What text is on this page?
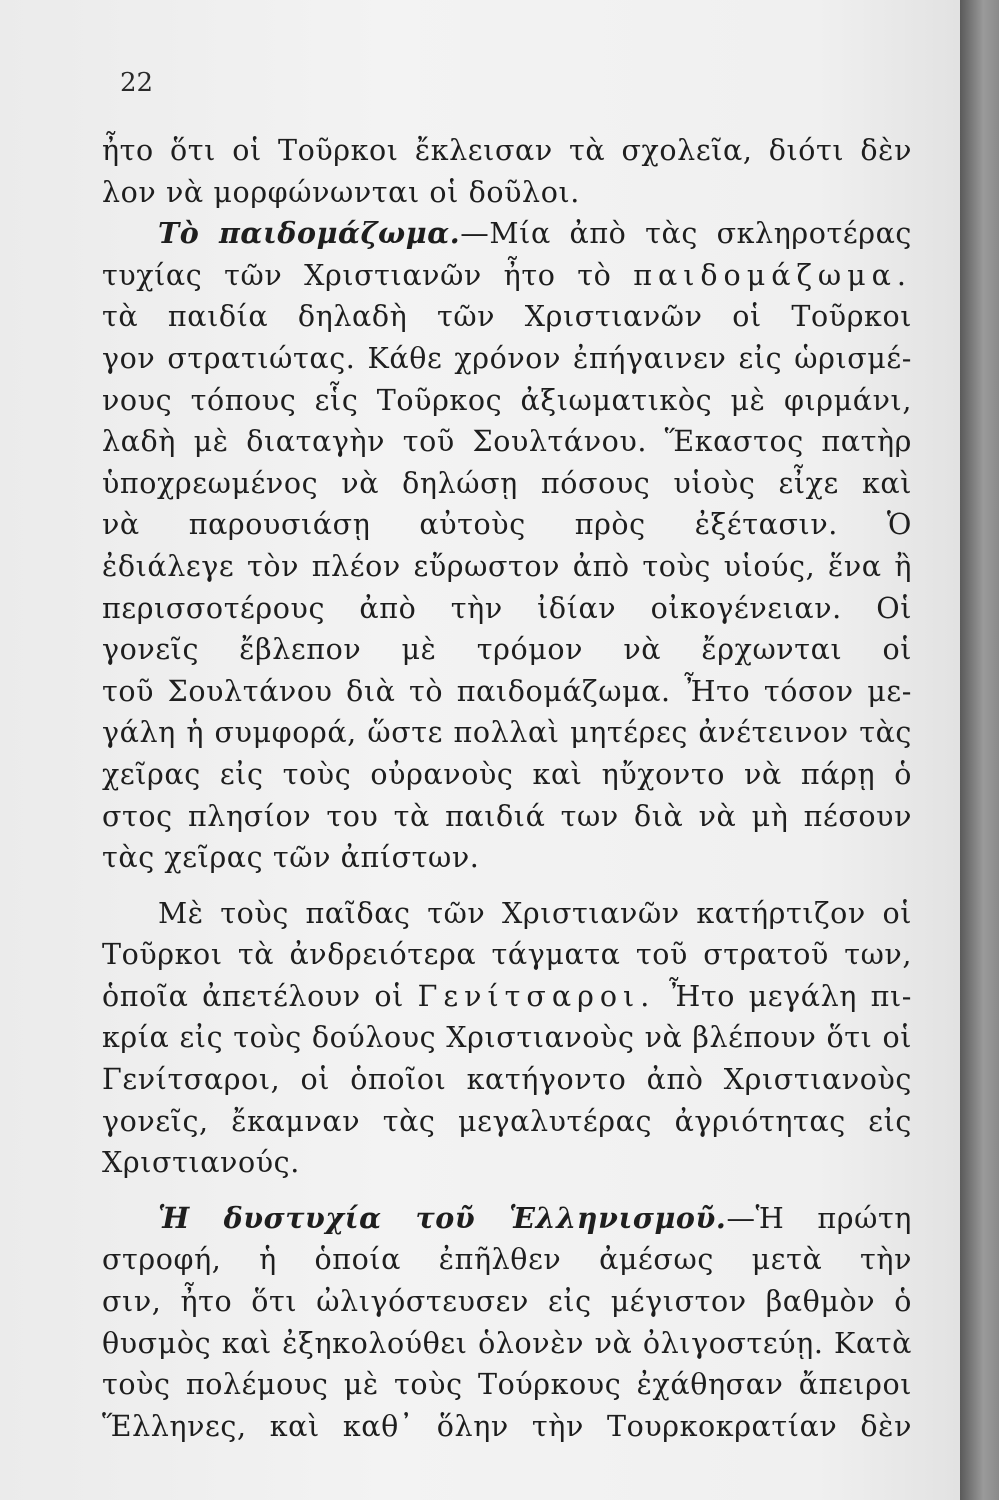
22
ἦτο ὅτι οἱ Τοῦρκοι ἔκλεισαν τὰ σχολεῖα, διότι δὲν
λον νὰ μορφώνωνται οἱ δοῦλοι.
Τὸ παιδομάζωμα.—Μία ἀπὸ τὰς σκληροτέρας
τυχίας τῶν Χριστιανῶν ἦτο τὸ παιδομάζωμα.
τὰ παιδία δηλαδὴ τῶν Χριστιανῶν οἱ Τοῦρκοι
γον στρατιώτας. Κάθε χρόνον ἐπήγαινεν εἰς ὡρισμέ-
νους τόπους εἷς Τοῦρκος ἀξιωματικὸς μὲ φιρμάνι,
λαδὴ μὲ διαταγὴν τοῦ Σουλτάνου. Ἕκαστος πατὴρ
ὑποχρεωμένος νὰ δηλώσῃ πόσους υἱοὺς εἶχε καὶ
νὰ παρουσιάσῃ αὐτοὺς πρὸς ἐξέτασιν. Ὁ
ἐδιάλεγε τὸν πλέον εὔρωστον ἀπὸ τοὺς υἱούς, ἕνα ἢ
περισσοτέρους ἀπὸ τὴν ἰδίαν οἰκογένειαν. Οἱ
γονεῖς ἔβλεπον μὲ τρόμον νὰ ἔρχωνται οἱ
τοῦ Σουλτάνου διὰ τὸ παιδομάζωμα. Ἦτο τόσον με-
γάλη ἡ συμφορά, ὥστε πολλαὶ μητέρες ἀνέτεινον τὰς
χεῖρας εἰς τοὺς οὐρανοὺς καὶ ηὔχοντο νὰ πάρῃ ὁ
στος πλησίον του τὰ παιδιά των διὰ νὰ μὴ πέσουν
τὰς χεῖρας τῶν ἀπίστων.
Μὲ τοὺς παῖδας τῶν Χριστιανῶν κατήρτιζον οἱ
Τοῦρκοι τὰ ἀνδρειότερα τάγματα τοῦ στρατοῦ των,
ὁποῖα ἀπετέλουν οἱ Γενίτσαροι. Ἦτο μεγάλη πι-
κρία εἰς τοὺς δούλους Χριστιανοὺς νὰ βλέπουν ὅτι οἱ
Γενίτσαροι, οἱ ὁποῖοι κατήγοντο ἀπὸ Χριστιανοὺς
γονεῖς, ἔκαμναν τὰς μεγαλυτέρας ἀγριότητας εἰς
Χριστιανούς.
Ἡ δυστυχία τοῦ Ἑλληνισμοῦ.—Ἡ πρώτη
στροφή, ἡ ὁποία ἐπῆλθεν ἀμέσως μετὰ τὴν
σιν, ἦτο ὅτι ὠλιγόστευσεν εἰς μέγιστον βαθμὸν ὁ
θυσμὸς καὶ ἐξηκολούθει ὁλονὲν νὰ ὀλιγοστεύῃ. Κατὰ
τοὺς πολέμους μὲ τοὺς Τούρκους ἐχάθησαν ἄπειροι
Ἕλληνες, καὶ καθ᾿ ὅλην τὴν Τουρκοκρατίαν δὲν
